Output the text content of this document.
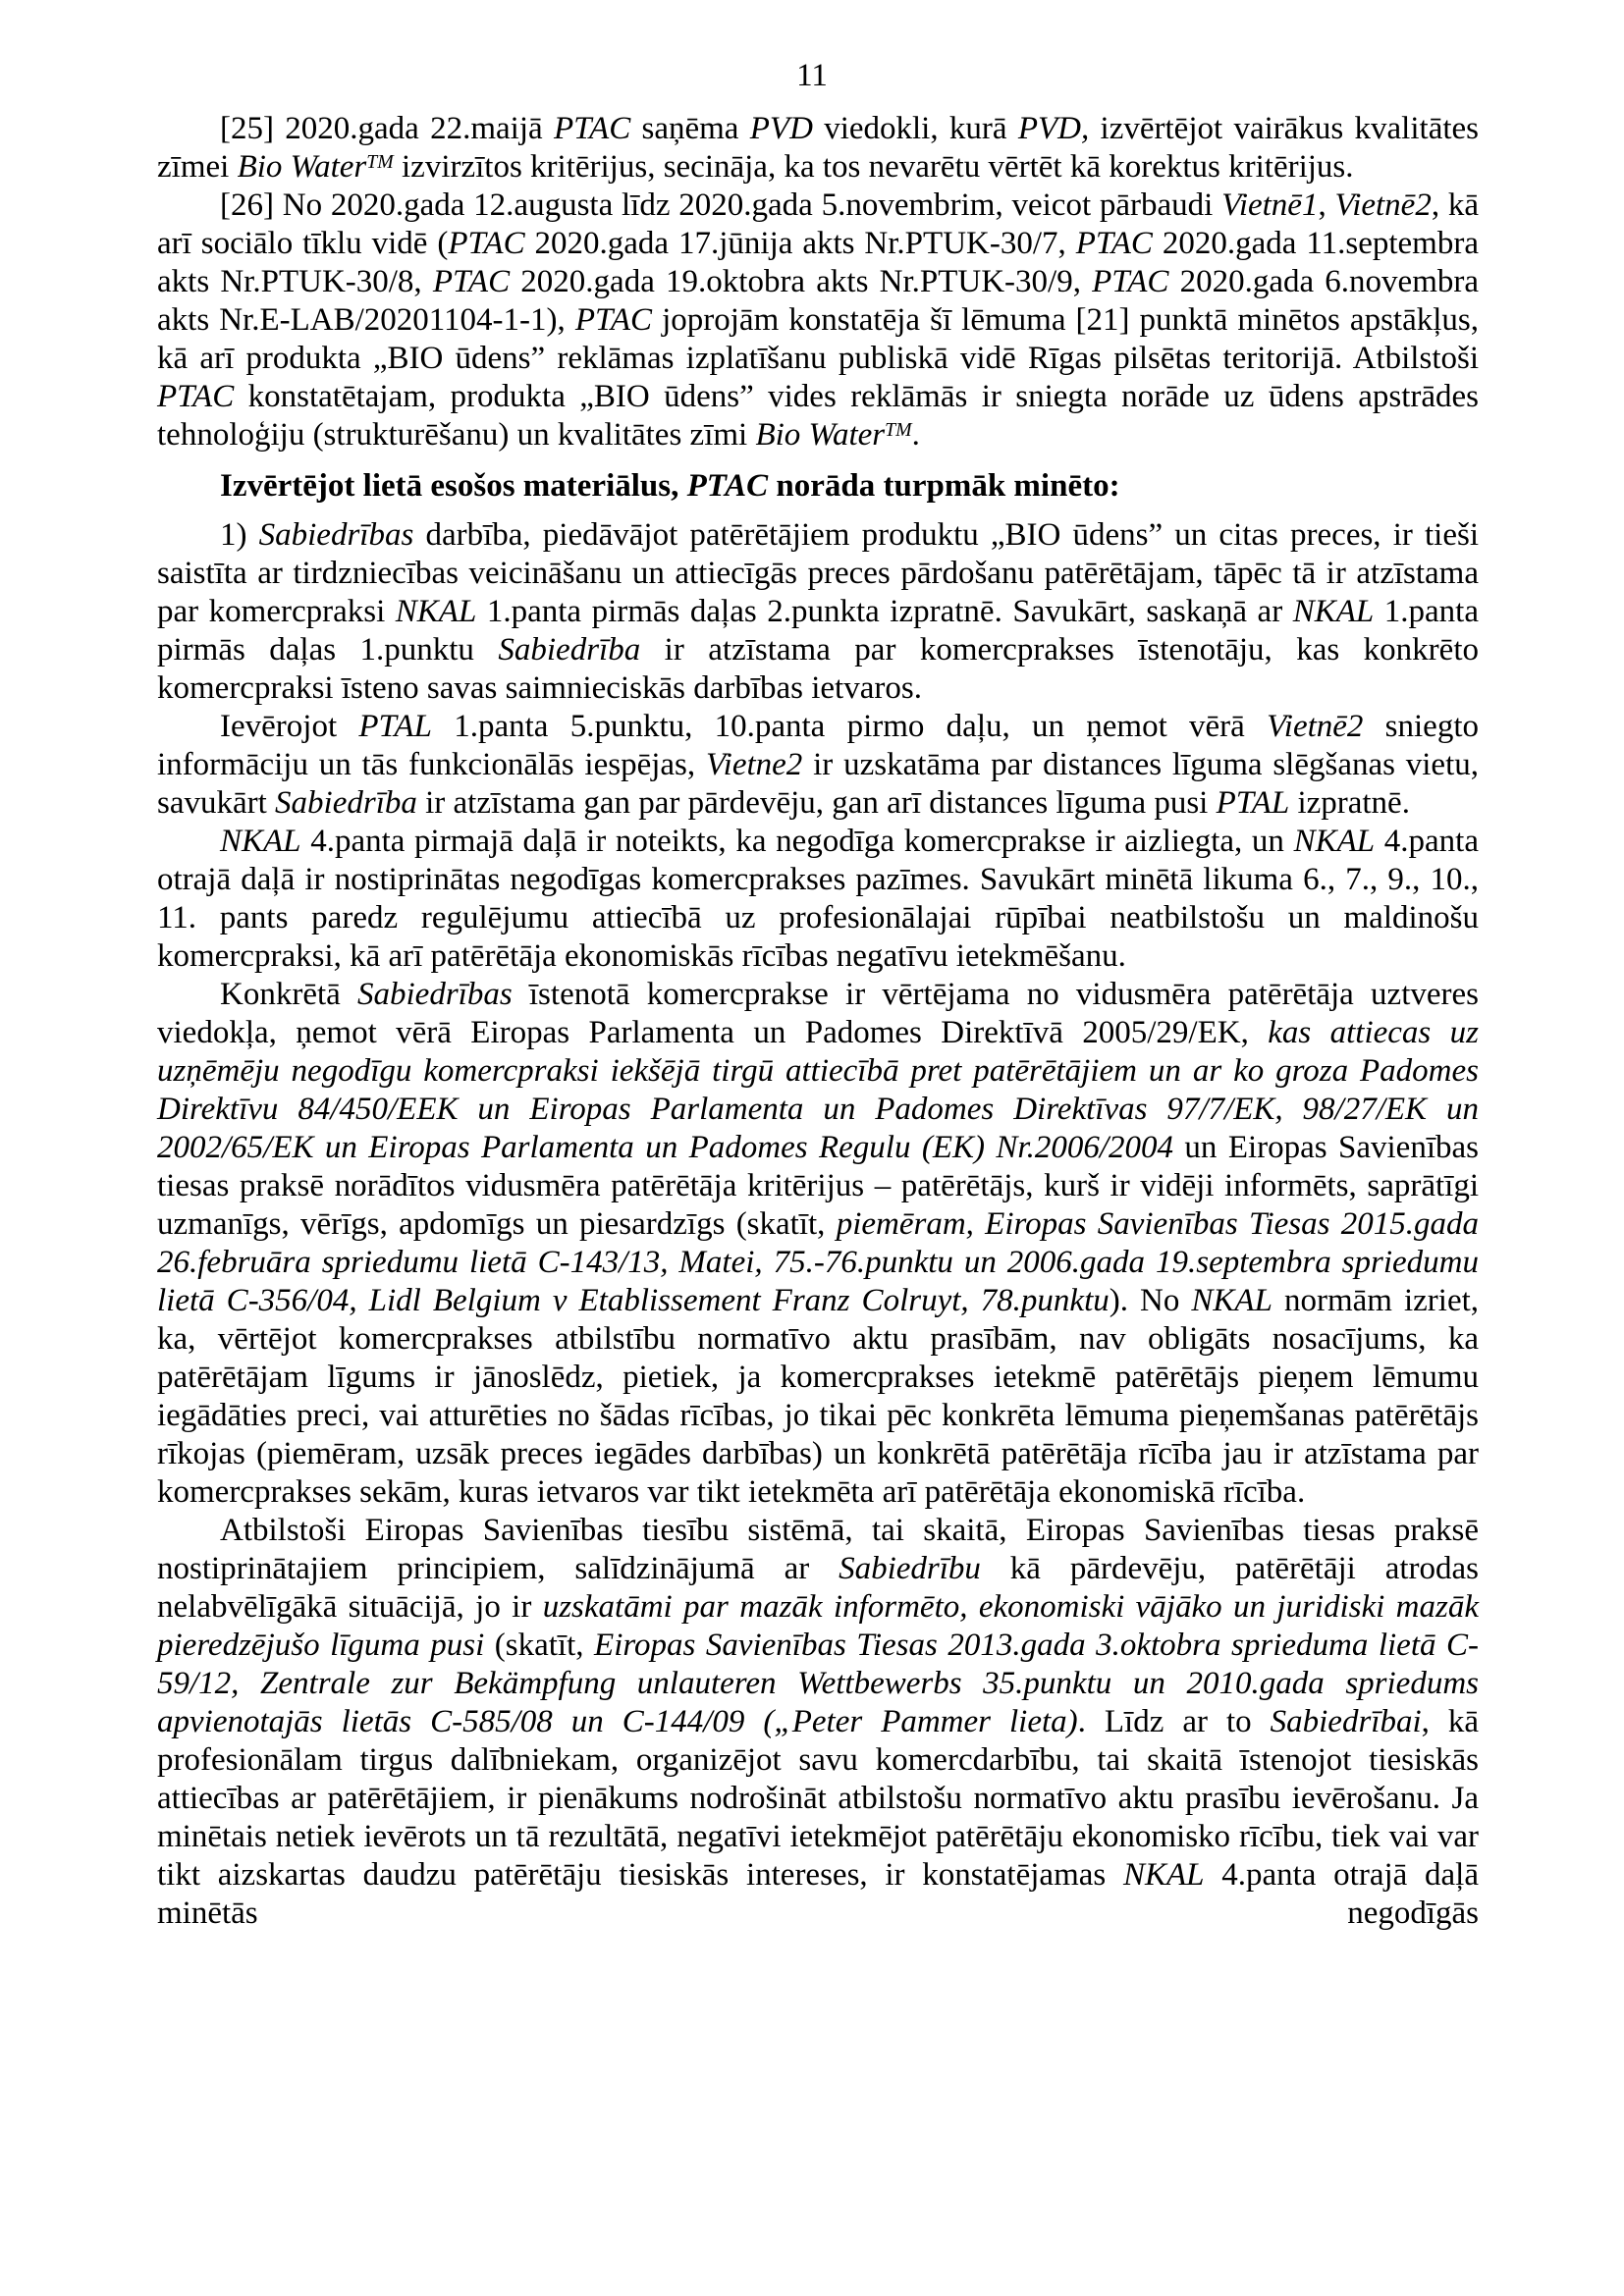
11

[25] 2020.gada 22.maijā PTAC saņēma PVD viedokli, kurā PVD, izvērtējot vairākus kvalitātes zīmei Bio Water™ izvirzītos kritērijus, secināja, ka tos nevarētu vērtēt kā korektus kritērijus.

[26] No 2020.gada 12.augusta līdz 2020.gada 5.novembrim, veicot pārbaudi Vietnē1, Vietnē2, kā arī sociālo tīklu vidē (PTAC 2020.gada 17.jūnija akts Nr.PTUK-30/7, PTAC 2020.gada 11.septembra akts Nr.PTUK-30/8, PTAC 2020.gada 19.oktobra akts Nr.PTUK-30/9, PTAC 2020.gada 6.novembra akts Nr.E-LAB/20201104-1-1), PTAC joprojām konstatēja šī lēmuma [21] punktā minētos apstākļus, kā arī produkta „BIO ūdens” reklāmas izplatīšanu publiskā vidē Rīgas pilsētas teritorijā. Atbilstoši PTAC konstatētajam, produkta „BIO ūdens” vides reklāmās ir sniegta norāde uz ūdens apstrādes tehnoloģiju (strukturēšanu) un kvalitātes zīmi Bio Water™.

Izvērtējot lietā esošos materiālus, PTAC norāda turpmāk minēto:

1) Sabiedrības darbība, piedāvājot patērētājiem produktu „BIO ūdens” un citas preces, ir tieši saistīta ar tirdzniecības veicināšanu un attiecīgās preces pārdošanu patērētājam, tāpēc tā ir atzīstama par komercpraksi NKAL 1.panta pirmās daļas 2.punkta izpratnē. Savukārt, saskaņā ar NKAL 1.panta pirmās daļas 1.punktu Sabiedrība ir atzīstama par komercprakses īstenotāju, kas konkrēto komercpraksi īsteno savas saimnieciskās darbības ietvaros.

Ievērojot PTAL 1.panta 5.punktu, 10.panta pirmo daļu, un ņemot vērā Vietnē2 sniegto informāciju un tās funkcionālās iespējas, Vietne2 ir uzskatāma par distances līguma slēgšanas vietu, savukārt Sabiedrība ir atzīstama gan par pārdevēju, gan arī distances līguma pusi PTAL izpratnē.

NKAL 4.panta pirmajā daļā ir noteikts, ka negodīga komercprakse ir aizliegta, un NKAL 4.panta otrajā daļā ir nostiprinātas negodīgas komercprakses pazīmes. Savukārt minētā likuma 6., 7., 9., 10., 11. pants paredz regulējumu attiecībā uz profesionālajai rūpībai neatbilstošu un maldinošu komercpraksi, kā arī patērētāja ekonomiskās rīcības negatīvu ietekmēšanu.

Konkrētā Sabiedrības īstenotā komercprakse ir vērtējama no vidusmēra patērētāja uztveres viedokļa, ņemot vērā Eiropas Parlamenta un Padomes Direktīvā 2005/29/EK, kas attiecas uz uzņēmēju negodīgu komercpraksi iekšējā tirgū attiecībā pret patērētājiem un ar ko groza Padomes Direktīvu 84/450/EEK un Eiropas Parlamenta un Padomes Direktīvas 97/7/EK, 98/27/EK un 2002/65/EK un Eiropas Parlamenta un Padomes Regulu (EK) Nr.2006/2004 un Eiropas Savienības tiesas praksē norādītos vidusmēra patērētāja kritērijus – patērētājs, kurš ir vidēji informēts, saprātīgi uzmanīgs, vērīgs, apdomīgs un piesardzīgs (skatīt, piemēram, Eiropas Savienības Tiesas 2015.gada 26.februāra spriedumu lietā C-143/13, Matei, 75.-76.punktu un 2006.gada 19.septembra spriedumu lietā C-356/04, Lidl Belgium v Etablissement Franz Colruyt, 78.punktu). No NKAL normām izriet, ka, vērtējot komercprakses atbilstību normatīvo aktu prasībām, nav obligāts nosacījums, ka patērētājam līgums ir jānoslēdz, pietiek, ja komercprakses ietekmē patērētājs pieņem lēmumu iegādāties preci, vai atturēties no šādas rīcības, jo tikai pēc konkrēta lēmuma pieņemšanas patērētājs rīkojas (piemēram, uzsāk preces iegādes darbības) un konkrētā patērētāja rīcība jau ir atzīstama par komercprakses sekām, kuras ietvaros var tikt ietekmēta arī patērētāja ekonomiskā rīcība.

Atbilstoši Eiropas Savienības tiesību sistēmā, tai skaitā, Eiropas Savienības tiesas praksē nostiprinātajiem principiem, salīdzinājumā ar Sabiedrību kā pārdevēju, patērētāji atrodas nelabvēlīgākā situācijā, jo ir uzskatāmi par mazāk informēto, ekonomiski vājāko un juridiski mazāk pieredzējušo līguma pusi (skatīt, Eiropas Savienības Tiesas 2013.gada 3.oktobra sprieduma lietā C-59/12, Zentrale zur Bekämpfung unlauteren Wettbewerbs 35.punktu un 2010.gada spriedums apvienotajās lietās C-585/08 un C-144/09 („Peter Pammer lieta). Līdz ar to Sabiedrībai, kā profesionālam tirgus dalībniekam, organizējot savu komercdarbību, tai skaitā īstenojot tiesiskās attiecības ar patērētājiem, ir pienākums nodrošināt atbilstošu normatīvo aktu prasību ievērošanu. Ja minētais netiek ievērots un tā rezultātā, negatīvi ietekmējot patērētāju ekonomisko rīcību, tiek vai var tikt aizskartas daudzu patērētāju tiesiskās intereses, ir konstatējamas NKAL 4.panta otrajā daļā minētās negodīgās
